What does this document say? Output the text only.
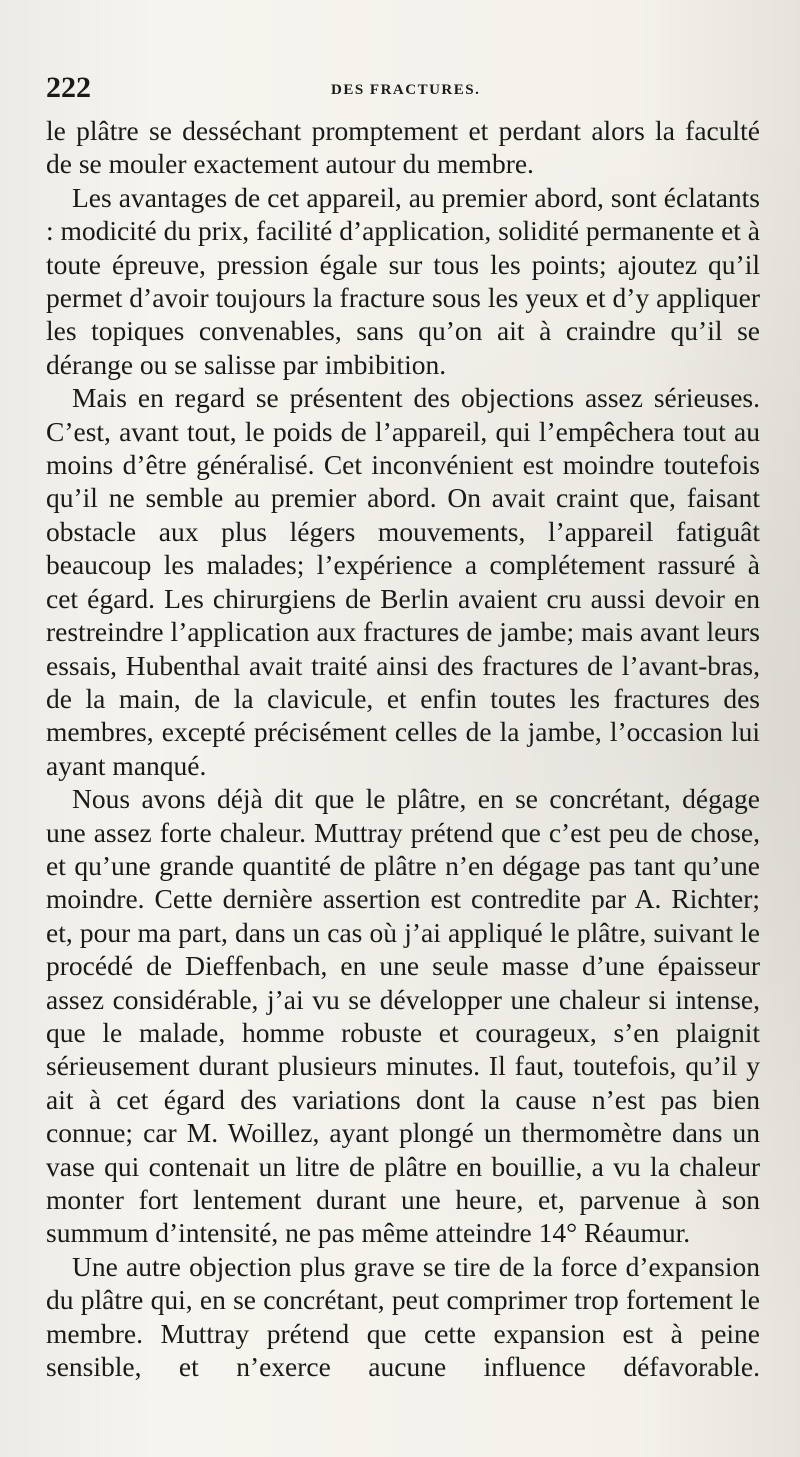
222	DES FRACTURES.

le plâtre se desséchant promptement et perdant alors la faculté de se mouler exactement autour du membre.

Les avantages de cet appareil, au premier abord, sont éclatants : modicité du prix, facilité d’application, solidité permanente et à toute épreuve, pression égale sur tous les points; ajoutez qu’il permet d’avoir toujours la fracture sous les yeux et d’y appliquer les topiques convenables, sans qu’on ait à craindre qu’il se dérange ou se salisse par imbibition.

Mais en regard se présentent des objections assez sérieuses. C’est, avant tout, le poids de l’appareil, qui l’empêchera tout au moins d’être généralisé. Cet inconvénient est moindre toutefois qu’il ne semble au premier abord. On avait craint que, faisant obstacle aux plus légers mouvements, l’appareil fatiguât beaucoup les malades; l’expérience a complétement rassuré à cet égard. Les chirurgiens de Berlin avaient cru aussi devoir en restreindre l’application aux fractures de jambe; mais avant leurs essais, Hubenthal avait traité ainsi des fractures de l’avant-bras, de la main, de la clavicule, et enfin toutes les fractures des membres, excepté précisément celles de la jambe, l’occasion lui ayant manqué.

Nous avons déjà dit que le plâtre, en se concrétant, dégage une assez forte chaleur. Muttray prétend que c’est peu de chose, et qu’une grande quantité de plâtre n’en dégage pas tant qu’une moindre. Cette dernière assertion est contredite par A. Richter; et, pour ma part, dans un cas où j’ai appliqué le plâtre, suivant le procédé de Dieffenbach, en une seule masse d’une épaisseur assez considérable, j’ai vu se développer une chaleur si intense, que le malade, homme robuste et courageux, s’en plaignit sérieusement durant plusieurs minutes. Il faut, toutefois, qu’il y ait à cet égard des variations dont la cause n’est pas bien connue; car M. Woillez, ayant plongé un thermomètre dans un vase qui contenait un litre de plâtre en bouillie, a vu la chaleur monter fort lentement durant une heure, et, parvenue à son summum d’intensité, ne pas même atteindre 14° Réaumur.

Une autre objection plus grave se tire de la force d’expansion du plâtre qui, en se concrétant, peut comprimer trop fortement le membre. Muttray prétend que cette expansion est à peine sensible, et n’exerce aucune influence défavorable.
